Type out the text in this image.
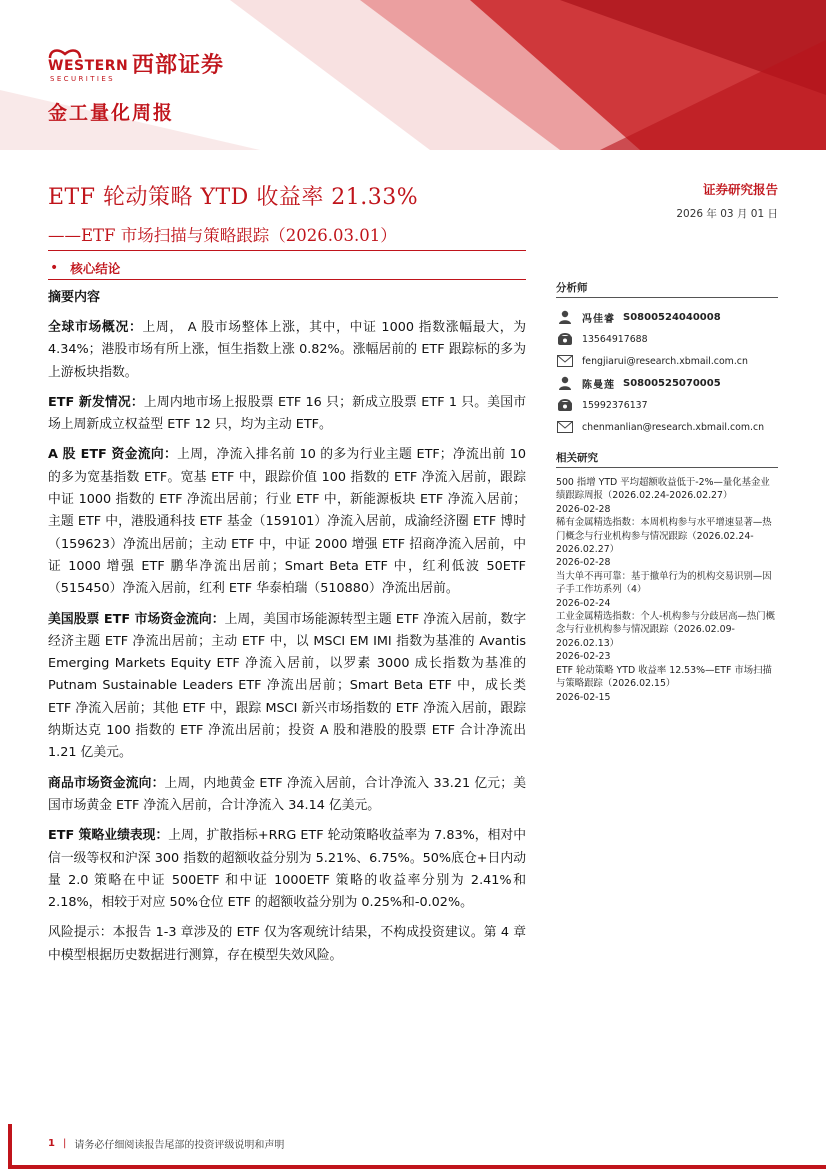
WESTERN
SECURITIES
西部证券
金工量化周报
ETF 轮动策略 YTD 收益率 21.33%
——ETF 市场扫描与策略跟踪（2026.03.01）
证券研究报告
2026 年 03 月 01 日
• 核心结论
摘要内容

全球市场概况：上周， A 股市场整体上涨，其中，中证 1000 指数涨幅最大，为 4.34%；港股市场有所上涨，恒生指数上涨 0.82%。涨幅居前的 ETF 跟踪标的多为上游板块指数。

ETF 新发情况：上周内地市场上报股票 ETF 16 只；新成立股票 ETF 1 只。美国市场上周新成立权益型 ETF 12 只，均为主动 ETF。

A 股 ETF 资金流向：上周，净流入排名前 10 的多为行业主题 ETF；净流出前 10 的多为宽基指数 ETF。宽基 ETF 中，跟踪价值 100 指数的 ETF 净流入居前，跟踪中证 1000 指数的 ETF 净流出居前；行业 ETF 中，新能源板块 ETF 净流入居前；主题 ETF 中，港股通科技 ETF 基金（159101）净流入居前，成渝经济圈 ETF 博时（159623）净流出居前；主动 ETF 中，中证 2000 增强 ETF 招商净流入居前，中证 1000 增强 ETF 鹏华净流出居前；Smart Beta ETF 中，红利低波 50ETF（515450）净流入居前，红利 ETF 华泰柏瑞（510880）净流出居前。

美国股票 ETF 市场资金流向：上周，美国市场能源转型主题 ETF 净流入居前，数字经济主题 ETF 净流出居前；主动 ETF 中，以 MSCI EM IMI 指数为基准的 Avantis Emerging Markets Equity ETF 净流入居前，以罗素 3000 成长指数为基准的 Putnam Sustainable Leaders ETF 净流出居前；Smart Beta ETF 中，成长类 ETF 净流入居前；其他 ETF 中，跟踪 MSCI 新兴市场指数的 ETF 净流入居前，跟踪纳斯达克 100 指数的 ETF 净流出居前；投资 A 股和港股的股票 ETF 合计净流出 1.21 亿美元。

商品市场资金流向：上周，内地黄金 ETF 净流入居前，合计净流入 33.21 亿元；美国市场黄金 ETF 净流入居前，合计净流入 34.14 亿美元。

ETF 策略业绩表现：上周，扩散指标+RRG ETF 轮动策略收益率为 7.83%，相对中信一级等权和沪深 300 指数的超额收益分别为 5.21%、6.75%。50%底仓+日内动量 2.0 策略在中证 500ETF 和中证 1000ETF 策略的收益率分别为 2.41%和 2.18%，相较于对应 50%仓位 ETF 的超额收益分别为 0.25%和-0.02%。

风险提示：本报告 1-3 章涉及的 ETF 仅为客观统计结果，不构成投资建议。第 4 章中模型根据历史数据进行测算，存在模型失效风险。

分析师
冯佳睿 S0800524040008
13564917688
fengjiarui@research.xbmail.com.cn
陈曼莲 S0800525070005
15992376137
chenmanlian@research.xbmail.com.cn
相关研究
500 指增 YTD 平均超额收益低于-2%—量化基金业绩跟踪周报（2026.02.24-2026.02.27）
2026-02-28
稀有金属精选指数：本周机构参与水平增速显著—热门概念与行业机构参与情况跟踪（2026.02.24-2026.02.27）
2026-02-28
当大单不再可靠：基于撤单行为的机构交易识别—因子手工作坊系列（4）
2026-02-24
工业金属精选指数：个人-机构参与分歧居高—热门概念与行业机构参与情况跟踪（2026.02.09-2026.02.13）
2026-02-23
ETF 轮动策略 YTD 收益率 12.53%—ETF 市场扫描与策略跟踪（2026.02.15）
2026-02-15
1 | 请务必仔细阅读报告尾部的投资评级说明和声明
